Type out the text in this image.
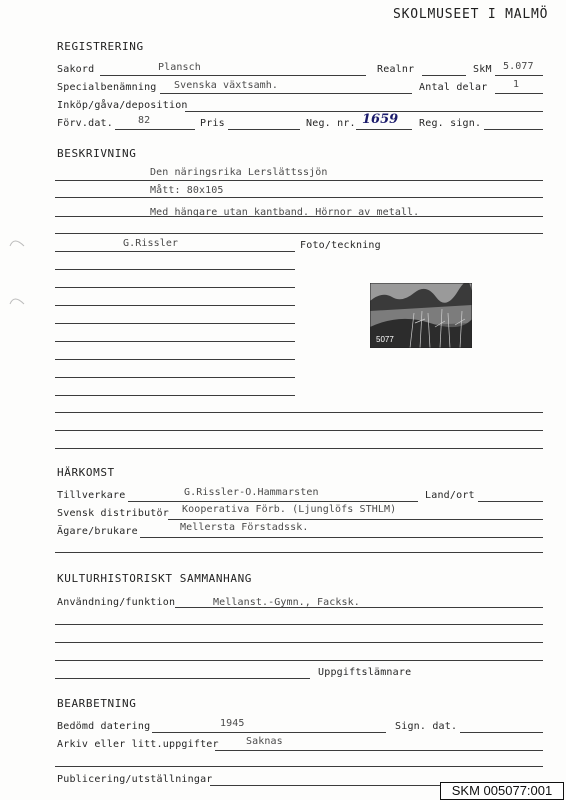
SKOLMUSEET I MALMÖ
REGISTRERING
Sakord	Plansch	Realnr	SkM 5.077
Specialbenämning Svenska växtsamh.	Antal delar	1
Inköp/gåva/deposition
Förv.dat.	82	Pris	Neg. nr. 1659 Reg. sign.
BESKRIVNING
Den näringsrika Lerslättssjön
Mått: 80x105
Med hängare utan kantband. Hörnor av metall.
G.Rissler	Foto/teckning
5077
HÄRKOMST
Tillverkare	G.Rissler-O.Hammarsten	Land/ort
Svensk distributör Kooperativa Förb. (Ljunglöfs STHLM)
Ägare/brukare	Mellersta Förstadssk.
KULTURHISTORISKT SAMMANHANG
Användning/funktion	Mellanst.-Gymn., Facksk.
Uppgiftslämnare
BEARBETNING
Bedömd datering	1945	Sign. dat.
Arkiv eller litt.uppgifter	Saknas
Publicering/utställningar
SKM 005077:001
